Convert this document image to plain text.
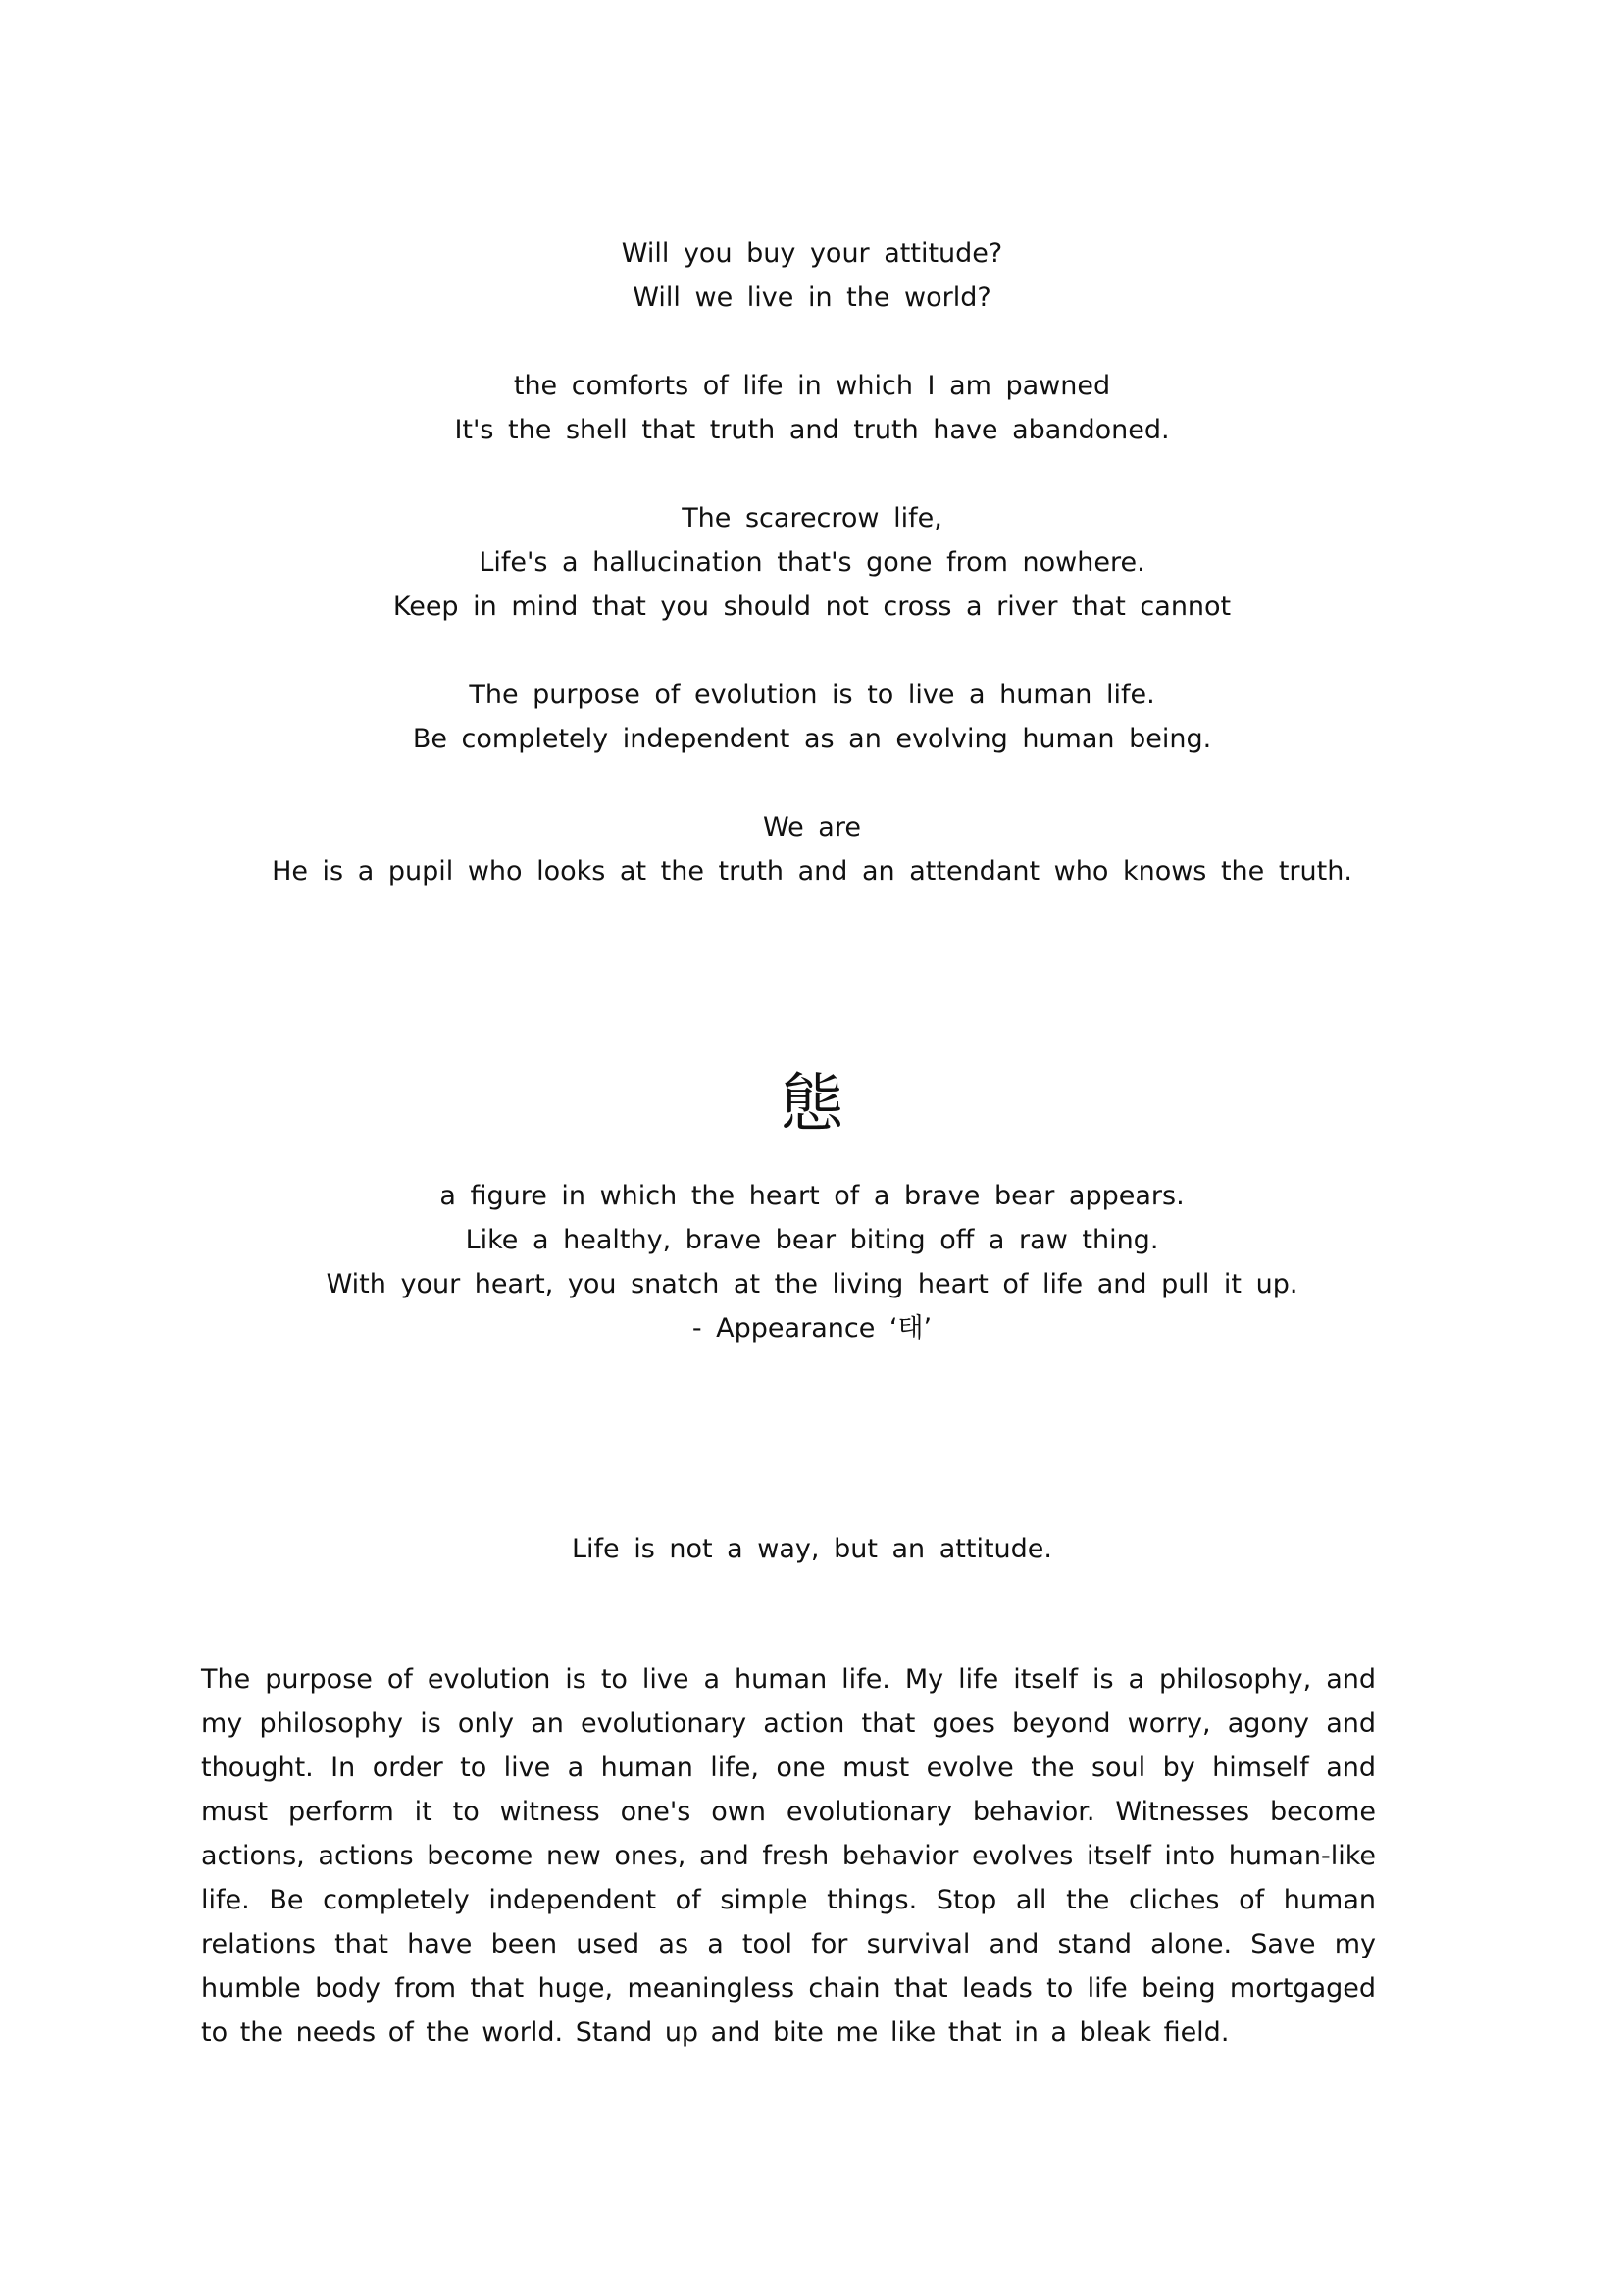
Will you buy your attitude?

Will we live in the world?

the comforts of life in which I am pawned

It's the shell that truth and truth have abandoned.

The scarecrow life,

Life's a hallucination that's gone from nowhere.

Keep in mind that you should not cross a river that cannot

The purpose of evolution is to live a human life.

Be completely independent as an evolving human being.

We are

He is a pupil who looks at the truth and an attendant who knows the truth.

態

a figure in which the heart of a brave bear appears.

Like a healthy, brave bear biting off a raw thing.

With your heart, you snatch at the living heart of life and pull it up.

- Appearance ‘태’

Life is not a way, but an attitude.

The purpose of evolution is to live a human life. My life itself is a philosophy, and my philosophy is only an evolutionary action that goes beyond worry, agony and thought. In order to live a human life, one must evolve the soul by himself and must perform it to witness one's own evolutionary behavior. Witnesses become actions, actions become new ones, and fresh behavior evolves itself into human-like life. Be completely independent of simple things. Stop all the cliches of human relations that have been used as a tool for survival and stand alone. Save my humble body from that huge, meaningless chain that leads to life being mortgaged to the needs of the world. Stand up and bite me like that in a bleak field.
